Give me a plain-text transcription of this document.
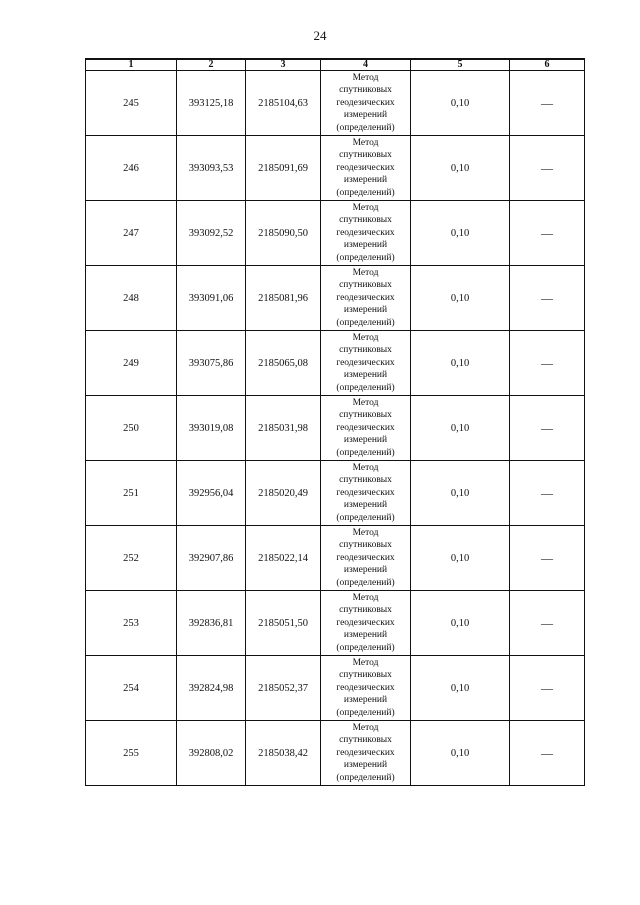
24
1	2	3	4	5	6
245	393125,18	2185104,63	Метод
спутниковых
геодезических
измерений
(определений)	0,10	—
246	393093,53	2185091,69	Метод
спутниковых
геодезических
измерений
(определений)	0,10	—
247	393092,52	2185090,50	Метод
спутниковых
геодезических
измерений
(определений)	0,10	—
248	393091,06	2185081,96	Метод
спутниковых
геодезических
измерений
(определений)	0,10	—
249	393075,86	2185065,08	Метод
спутниковых
геодезических
измерений
(определений)	0,10	—
250	393019,08	2185031,98	Метод
спутниковых
геодезических
измерений
(определений)	0,10	—
251	392956,04	2185020,49	Метод
спутниковых
геодезических
измерений
(определений)	0,10	—
252	392907,86	2185022,14	Метод
спутниковых
геодезических
измерений
(определений)	0,10	—
253	392836,81	2185051,50	Метод
спутниковых
геодезических
измерений
(определений)	0,10	—
254	392824,98	2185052,37	Метод
спутниковых
геодезических
измерений
(определений)	0,10	—
255	392808,02	2185038,42	Метод
спутниковых
геодезических
измерений
(определений)	0,10	—
